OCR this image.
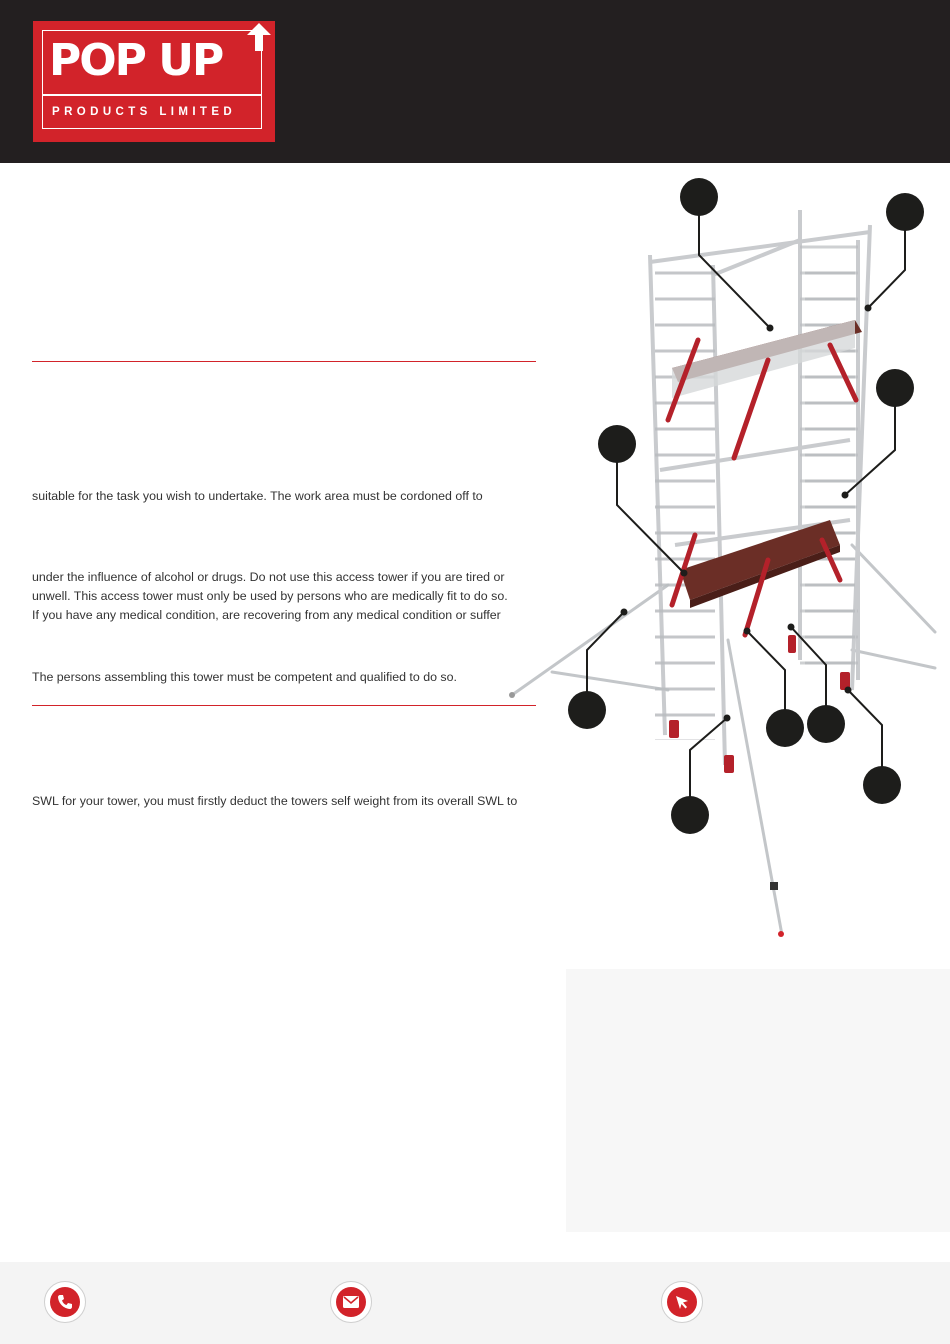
POP UP
PRODUCTS LIMITED
suitable for the task you wish to undertake. The work area must be cordoned off to
under the influence of alcohol or drugs. Do not use this access tower if you are tired or
unwell. This access tower must only be used by persons who are medically fit to do so.
If you have any medical condition, are recovering from any medical condition or suffer
The persons assembling this tower must be competent and qualified to do so.
SWL for your tower, you must firstly deduct the towers self weight from its overall SWL to
